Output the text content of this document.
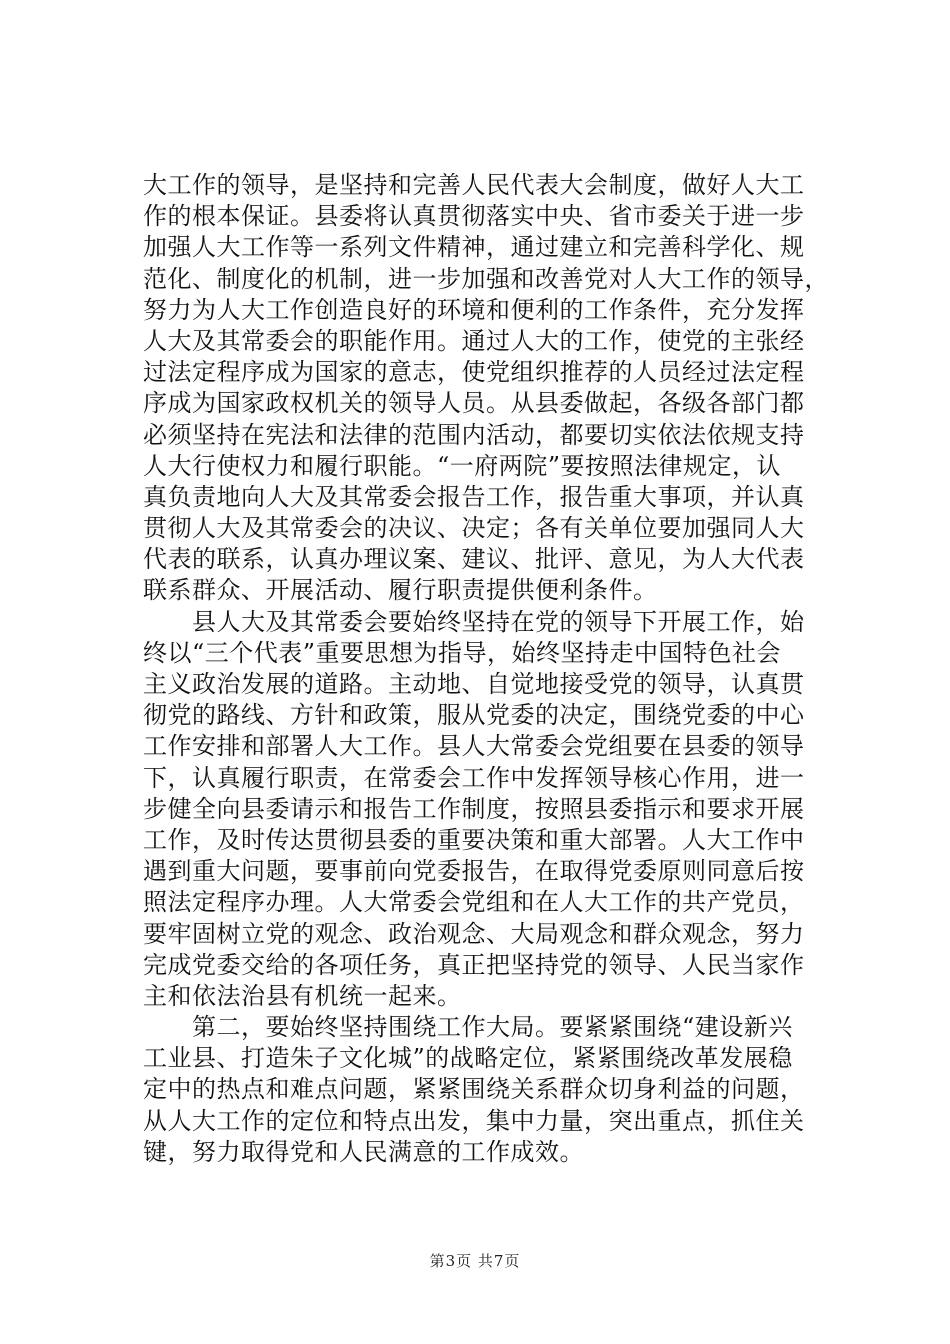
大工作的领导，是坚持和完善人民代表大会制度，做好人大工
作的根本保证。县委将认真贯彻落实中央、省市委关于进一步
加强人大工作等一系列文件精神，通过建立和完善科学化、规
范化、制度化的机制，进一步加强和改善党对人大工作的领导，
努力为人大工作创造良好的环境和便利的工作条件，充分发挥
人大及其常委会的职能作用。通过人大的工作，使党的主张经
过法定程序成为国家的意志，使党组织推荐的人员经过法定程
序成为国家政权机关的领导人员。从县委做起，各级各部门都
必须坚持在宪法和法律的范围内活动，都要切实依法依规支持
人大行使权力和履行职能。“一府两院”要按照法律规定，认
真负责地向人大及其常委会报告工作，报告重大事项，并认真
贯彻人大及其常委会的决议、决定；各有关单位要加强同人大
代表的联系，认真办理议案、建议、批评、意见，为人大代表
联系群众、开展活动、履行职责提供便利条件。
　　县人大及其常委会要始终坚持在党的领导下开展工作，始
终以“三个代表”重要思想为指导，始终坚持走中国特色社会
主义政治发展的道路。主动地、自觉地接受党的领导，认真贯
彻党的路线、方针和政策，服从党委的决定，围绕党委的中心
工作安排和部署人大工作。县人大常委会党组要在县委的领导
下，认真履行职责，在常委会工作中发挥领导核心作用，进一
步健全向县委请示和报告工作制度，按照县委指示和要求开展
工作，及时传达贯彻县委的重要决策和重大部署。人大工作中
遇到重大问题，要事前向党委报告，在取得党委原则同意后按
照法定程序办理。人大常委会党组和在人大工作的共产党员，
要牢固树立党的观念、政治观念、大局观念和群众观念，努力
完成党委交给的各项任务，真正把坚持党的领导、人民当家作
主和依法治县有机统一起来。
　　第二，要始终坚持围绕工作大局。要紧紧围绕“建设新兴
工业县、打造朱子文化城”的战略定位，紧紧围绕改革发展稳
定中的热点和难点问题，紧紧围绕关系群众切身利益的问题，
从人大工作的定位和特点出发，集中力量，突出重点，抓住关
键，努力取得党和人民满意的工作成效。
第3页 共7页
